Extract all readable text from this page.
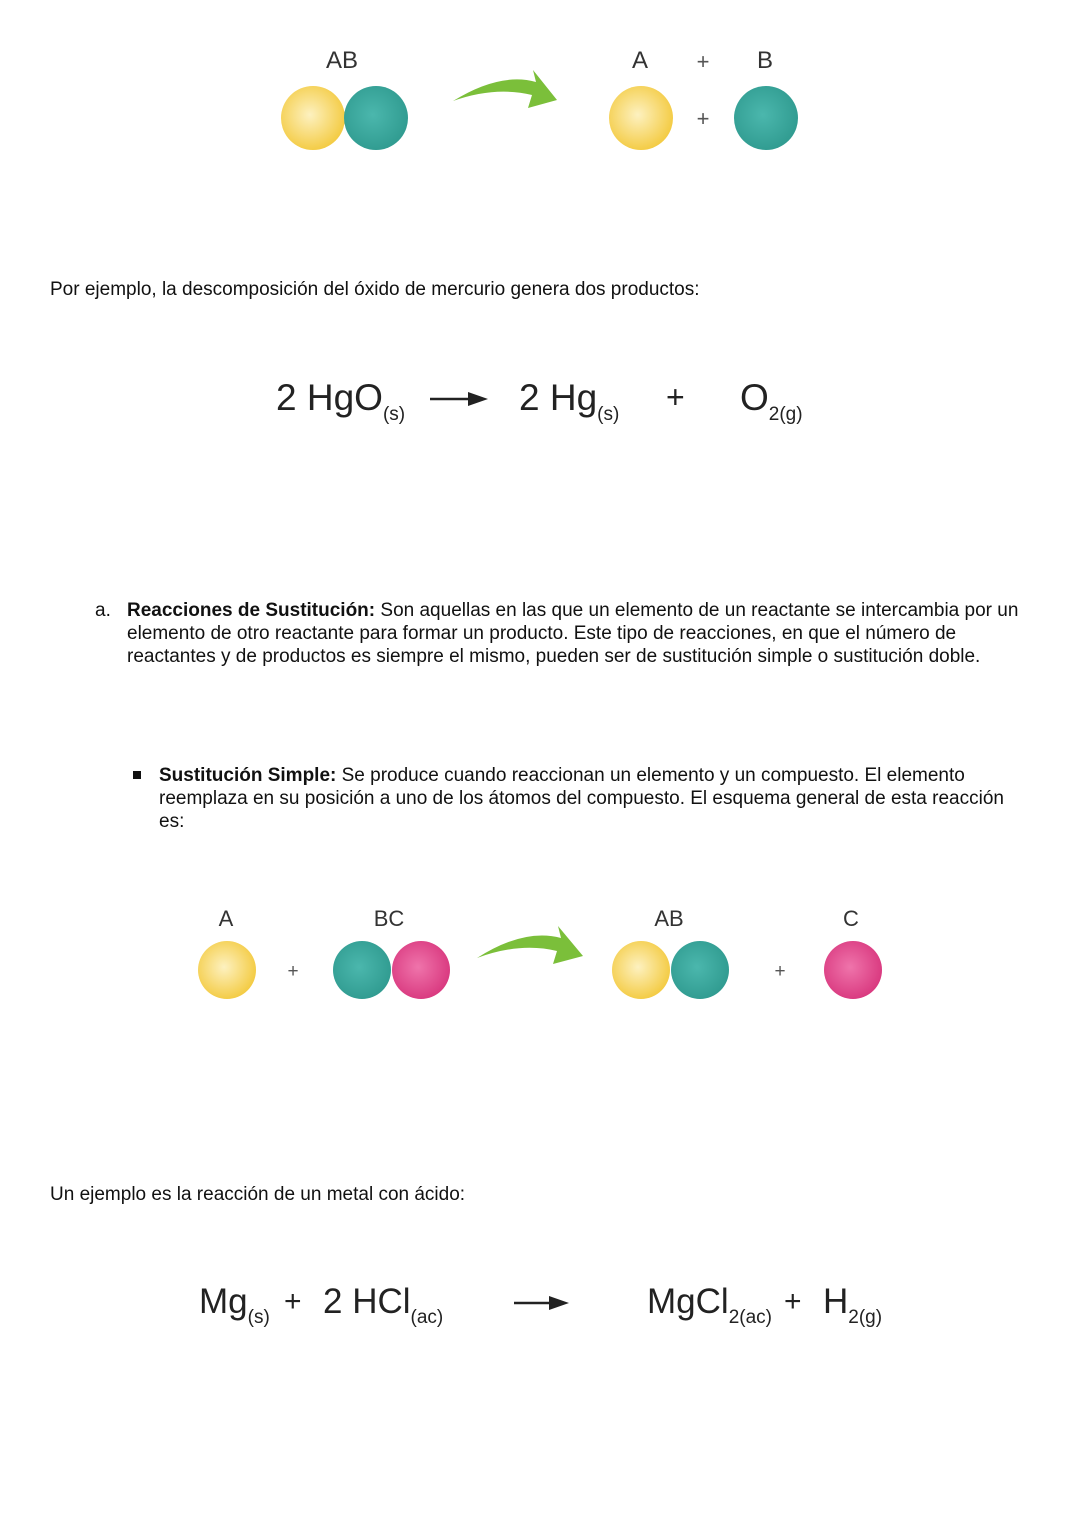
AB	A + B
+
Por ejemplo, la descomposición del óxido de mercurio genera dos productos:
2 HgO$_{(s)}$	2 $Hg_{(s)} + O_{2(g)}$
a. Reacciones de Sustitución: Son aquellas en las que un elemento de un reactante se intercambia por un elemento de otro reactante para formar un producto. Este tipo de reacciones, en que el número de reactantes y de productos es siempre el mismo, pueden ser de sustitución simple o sustitución doble.
Sustitución Simple: Se produce cuando reaccionan un elemento y un compuesto. El elemento reemplaza en su posición a uno de los átomos del compuesto. El esquema general de esta reacción es:
A	BC	AB	C
+	+
Un ejemplo es la reacción de un metal con ácido:
$Mg_{(s)} + 2$ HCl$_{(ac)}$	MgCl$_{2(ac)}$ + $H_{2(g)}$
